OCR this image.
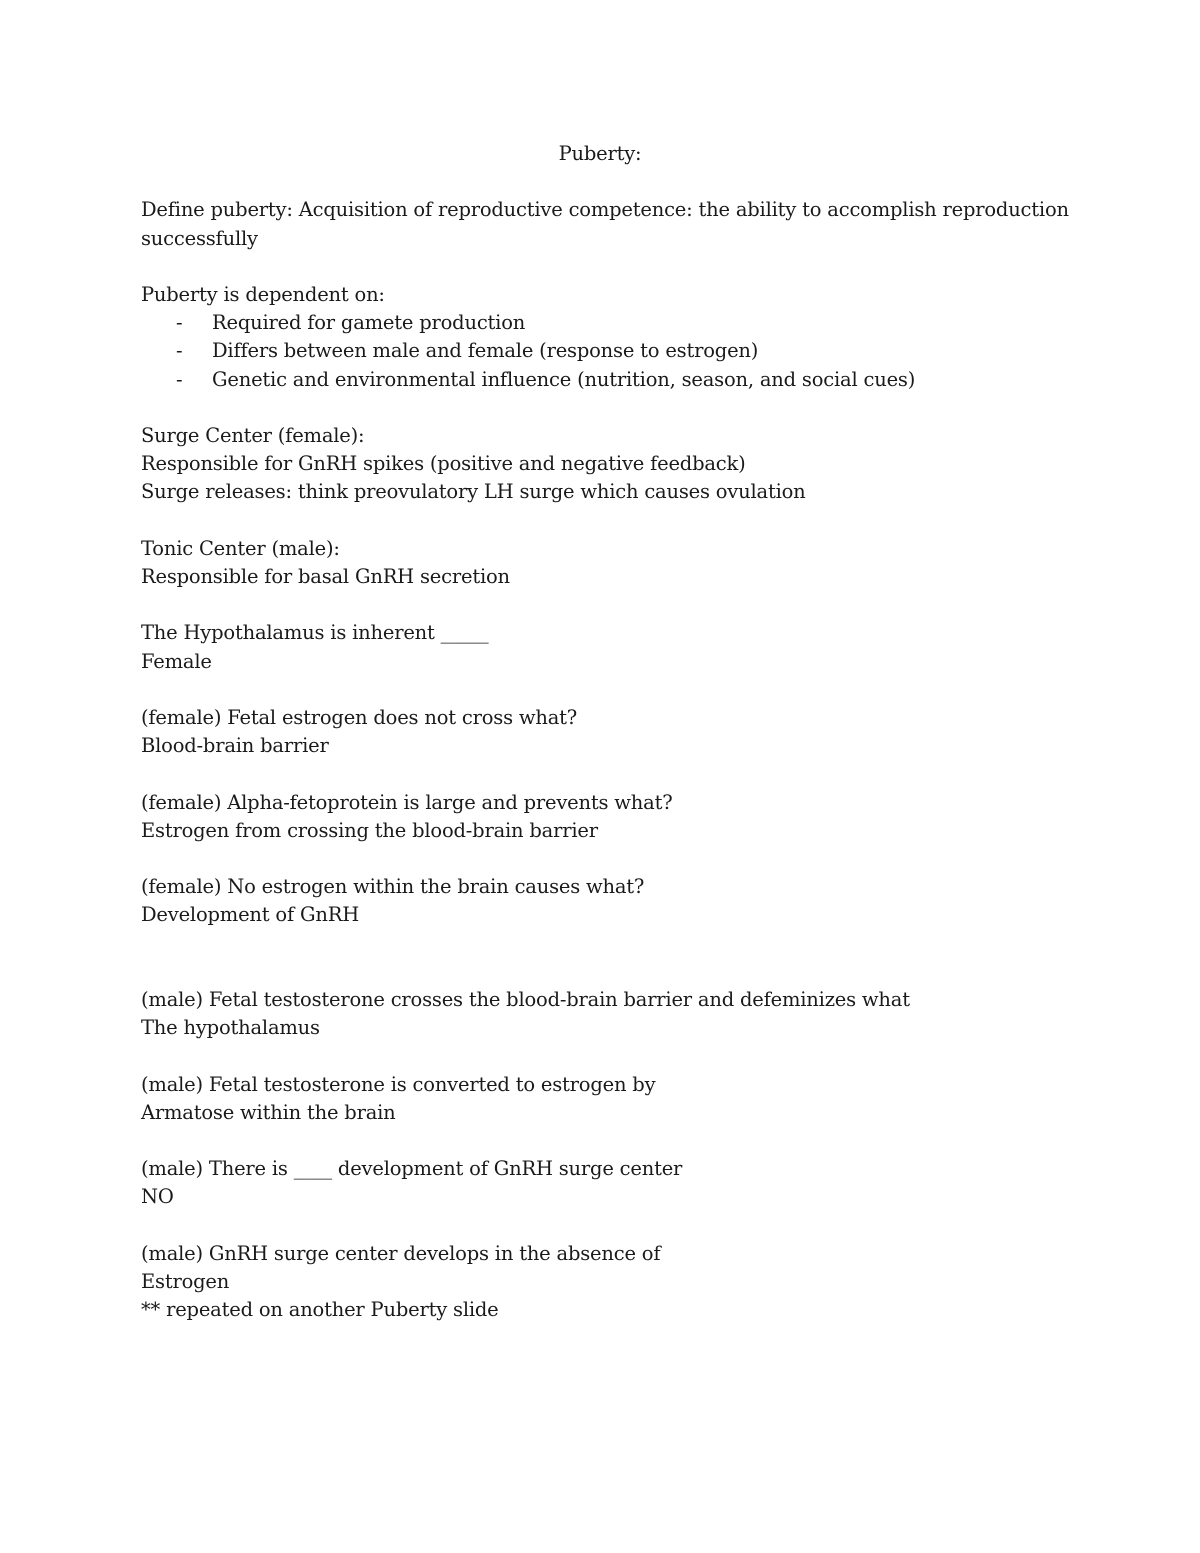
Puberty:

Define puberty: Acquisition of reproductive competence: the ability to accomplish reproduction

successfully

Puberty is dependent on:

- Required for gamete production
- Differs between male and female (response to estrogen)
- Genetic and environmental influence (nutrition, season, and social cues)

Surge Center (female):

Responsible for GnRH spikes (positive and negative feedback)

Surge releases: think preovulatory LH surge which causes ovulation

Tonic Center (male):

Responsible for basal GnRH secretion

The Hypothalamus is inherent _____

Female

(female) Fetal estrogen does not cross what?

Blood-brain barrier

(female) Alpha-fetoprotein is large and prevents what?

Estrogen from crossing the blood-brain barrier

(female) No estrogen within the brain causes what?

Development of GnRH

(male) Fetal testosterone crosses the blood-brain barrier and defeminizes what

The hypothalamus

(male) Fetal testosterone is converted to estrogen by

Armatose within the brain

(male) There is ____ development of GnRH surge center

NO

(male) GnRH surge center develops in the absence of

Estrogen

** repeated on another Puberty slide
